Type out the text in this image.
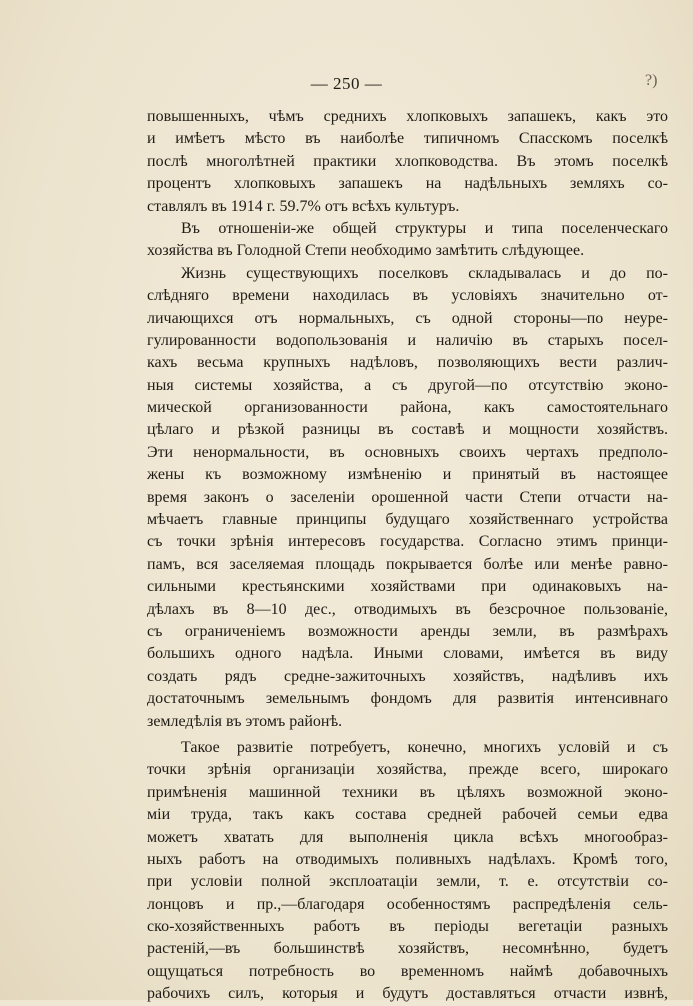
— 250 —	?)
повышенныхъ, чѣмъ среднихъ хлопковыхъ запашекъ, какъ это
и имѣетъ мѣсто въ наиболѣе типичномъ Спасскомъ поселкѣ
послѣ многолѣтней практики хлопководства. Въ этомъ поселкѣ
процентъ хлопковыхъ запашекъ на надѣльныхъ земляхъ со-
ставлялъ въ 1914 г. 59.7% отъ всѣхъ культуръ.
Въ отношеніи-же общей структуры и типа поселенческаго
хозяйства въ Голодной Степи необходимо замѣтить слѣдующее.
Жизнь существующихъ поселковъ складывалась и до по-
слѣдняго времени находилась въ условіяхъ значительно от-
личающихся отъ нормальныхъ, съ одной стороны—по неуре-
гулированности водопользованія и наличію въ старыхъ посел-
кахъ весьма крупныхъ надѣловъ, позволяющихъ вести различ-
ныя системы хозяйства, а съ другой—по отсутствію эконо-
мической организованности района, какъ самостоятельнаго
цѣлаго и рѣзкой разницы въ составѣ и мощности хозяйствъ.
Эти ненормальности, въ основныхъ своихъ чертахъ предполо-
жены къ возможному измѣненію и принятый въ настоящее
время законъ о заселеніи орошенной части Степи отчасти на-
мѣчаетъ главные принципы будущаго хозяйственнаго устройства
съ точки зрѣнія интересовъ государства. Согласно этимъ принци-
памъ, вся заселяемая площадь покрывается болѣе или менѣе равно-
сильными крестьянскими хозяйствами при одинаковыхъ на-
дѣлахъ въ 8—10 дес., отводимыхъ въ безсрочное пользованіе,
съ ограниченіемъ возможности аренды земли, въ размѣрахъ
большихъ одного надѣла. Иными словами, имѣется въ виду
создать рядъ средне-зажиточныхъ хозяйствъ, надѣливъ ихъ
достаточнымъ земельнымъ фондомъ для развитія интенсивнаго
земледѣлія въ этомъ районѣ.
Такое развитіе потребуетъ, конечно, многихъ условій и съ
точки зрѣнія организаціи хозяйства, прежде всего, широкаго
примѣненія машинной техники въ цѣляхъ возможной эконо-
міи труда, такъ какъ состава средней рабочей семьи едва
можетъ хватать для выполненія цикла всѣхъ многообраз-
ныхъ работъ на отводимыхъ поливныхъ надѣлахъ. Кромѣ того,
при условіи полной эксплоатаціи земли, т. е. отсутствіи со-
лонцовъ и пр.,—благодаря особенностямъ распредѣленія сель-
ско-хозяйственныхъ работъ въ періоды вегетаціи разныхъ
растеній,—въ большинствѣ хозяйствъ, несомнѣнно, будетъ
ощущаться потребность во временномъ наймѣ добавочныхъ
рабочихъ силъ, которыя и будутъ доставляться отчасти извнѣ,
